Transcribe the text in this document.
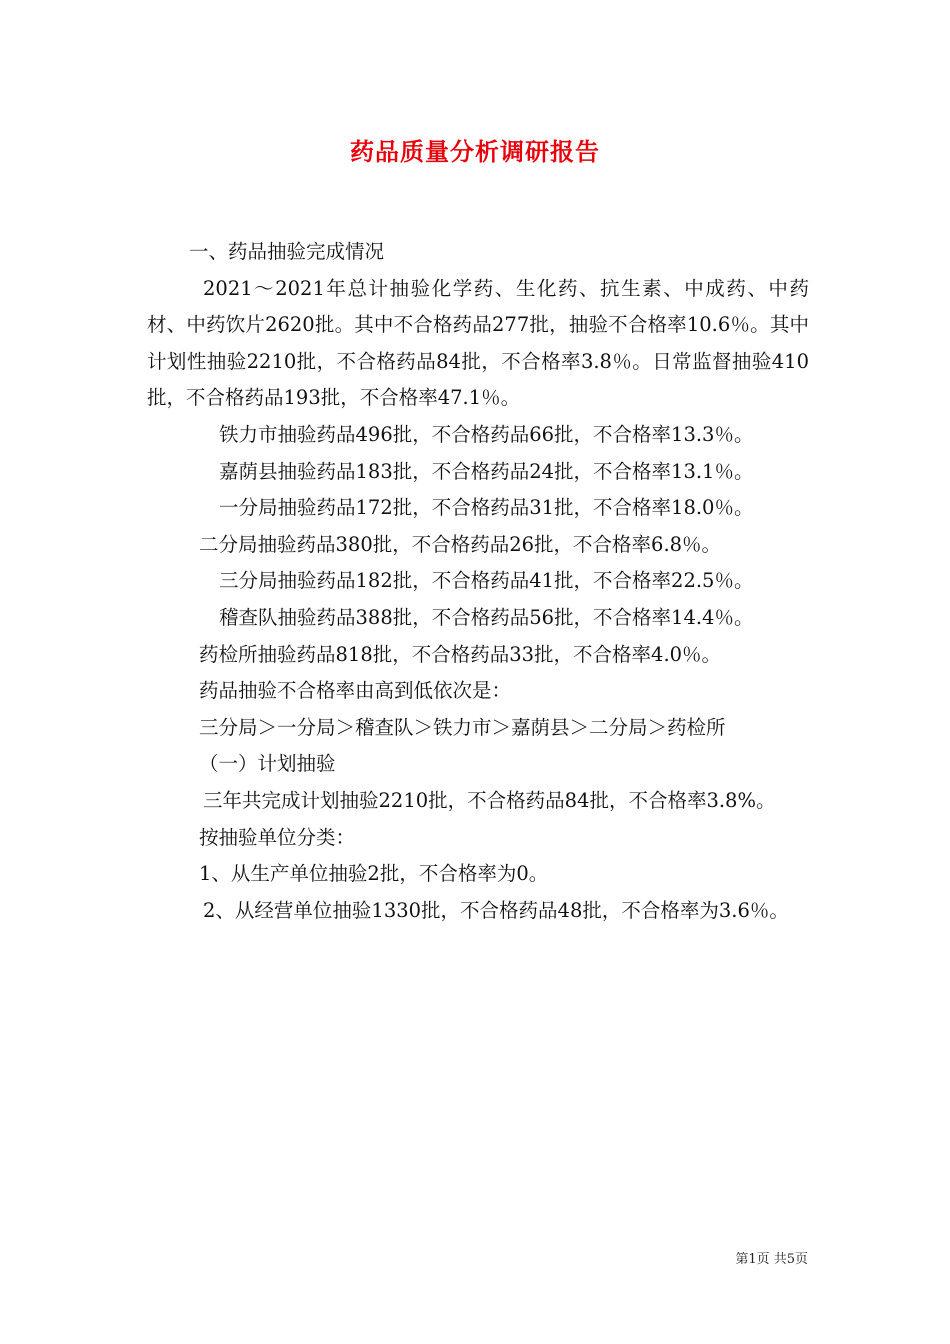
药品质量分析调研报告

一、药品抽验完成情况

2021～2021年总计抽验化学药、生化药、抗生素、中成药、中药材、中药饮片2620批。其中不合格药品277批，抽验不合格率10.6％。其中计划性抽验2210批，不合格药品84批，不合格率3.8％。日常监督抽验410批，不合格药品193批，不合格率47.1％。

铁力市抽验药品496批，不合格药品66批，不合格率13.3％。

嘉荫县抽验药品183批，不合格药品24批，不合格率13.1％。

一分局抽验药品172批，不合格药品31批，不合格率18.0％。

二分局抽验药品380批，不合格药品26批，不合格率6.8％。

三分局抽验药品182批，不合格药品41批，不合格率22.5％。

稽查队抽验药品388批，不合格药品56批，不合格率14.4％。

药检所抽验药品818批，不合格药品33批，不合格率4.0％。

药品抽验不合格率由高到低依次是：

三分局＞一分局＞稽查队＞铁力市＞嘉荫县＞二分局＞药检所

（一）计划抽验

三年共完成计划抽验2210批，不合格药品84批，不合格率3.8%。

按抽验单位分类：

1、从生产单位抽验2批，不合格率为0。

2、从经营单位抽验1330批，不合格药品48批，不合格率为3.6％。

第1页 共5页
